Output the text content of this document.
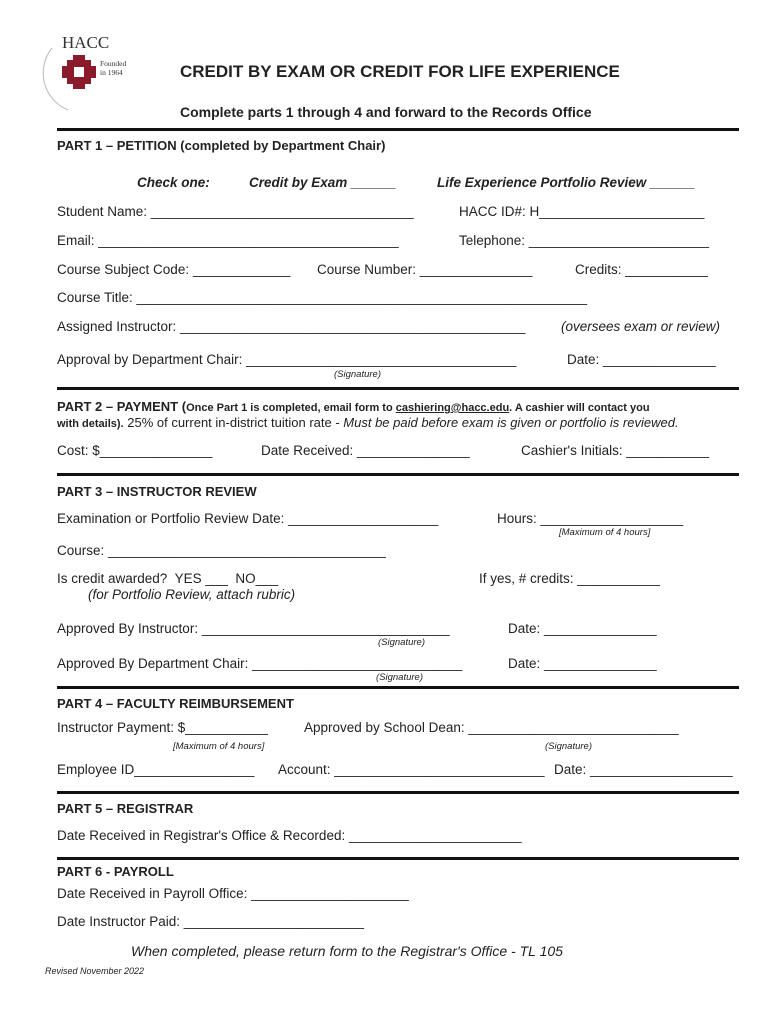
HACC
Founded
in 1964	CREDIT BY EXAM OR CREDIT FOR LIFE EXPERIENCE
Complete parts 1 through 4 and forward to the Records Office
PART 1 – PETITION (completed by Department Chair)
Check one:	Credit by Exam ______	Life Experience Portfolio Review ______
Student Name: ___________________________________	HACC ID#: H______________________
Email: ________________________________________	Telephone: ________________________
Course Subject Code: _____________ Course Number: _______________	Credits: ___________
Course Title: ____________________________________________________________
Assigned Instructor: ______________________________________________	(oversees exam or review)
Approval by Department Chair: ____________________________________	Date: _______________
(Signature)
PART 2 – PAYMENT (Once Part 1 is completed, email form to cashiering@hacc.edu. A cashier will contact you
with details). 25% of current in-district tuition rate - Must be paid before exam is given or portfolio is reviewed.
Cost: $_______________	Date Received: _______________	Cashier's Initials: ___________
PART 3 – INSTRUCTOR REVIEW
Examination or Portfolio Review Date: ____________________	Hours: ___________________
[Maximum of 4 hours]
Course: _____________________________________
Is credit awarded?  YES ___  NO___	If yes, # credits: ___________
(for Portfolio Review, attach rubric)
Approved By Instructor: _________________________________	Date: _______________
(Signature)
Approved By Department Chair: ____________________________	Date: _______________
(Signature)
PART 4 – FACULTY REIMBURSEMENT
Instructor Payment: $___________	Approved by School Dean: ____________________________
[Maximum of 4 hours]	(Signature)
Employee ID________________ Account: ____________________________ Date: ___________________
PART 5 – REGISTRAR
Date Received in Registrar's Office & Recorded: _______________________
PART 6 - PAYROLL
Date Received in Payroll Office: _____________________
Date Instructor Paid: ________________________
When completed, please return form to the Registrar's Office - TL 105
Revised November 2022
